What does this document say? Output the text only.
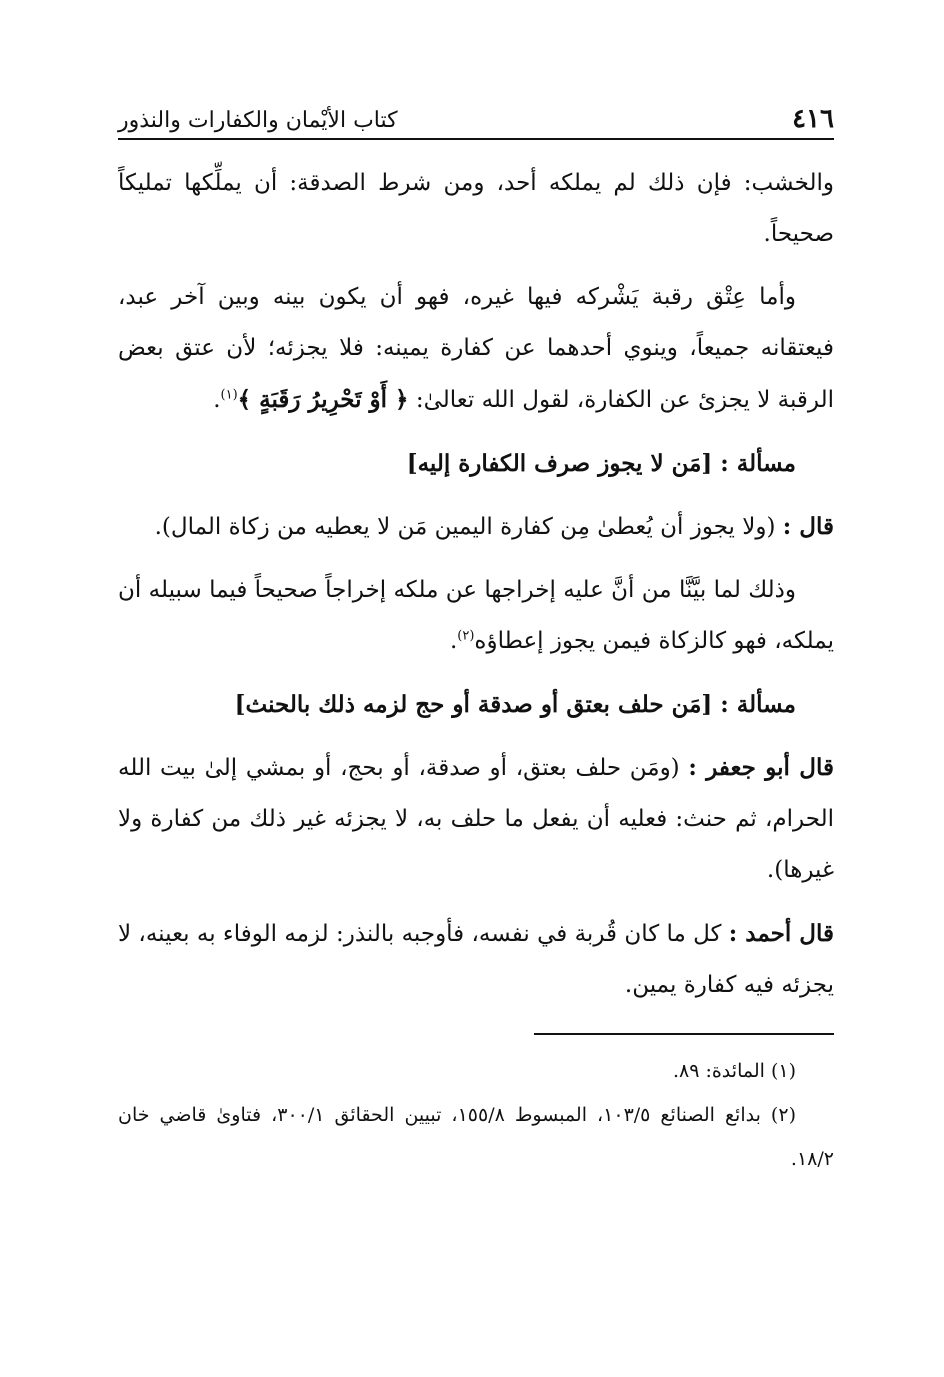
٤١٦
كتاب الأيْمان والكفارات والنذور

والخشب: فإن ذلك لم يملكه أحد، ومن شرط الصدقة: أن يملِّكها تمليكاً صحيحاً.

وأما عِتْق رقبة يَشْركه فيها غيره، فهو أن يكون بينه وبين آخر عبد، فيعتقانه جميعاً، وينوي أحدهما عن كفارة يمينه: فلا يجزئه؛ لأن عتق بعض الرقبة لا يجزئ عن الكفارة، لقول الله تعالىٰ: ﴿ أَوْ تَحْرِيرُ رَقَبَةٍ ﴾$^{(١)}$.

مسألة : [مَن لا يجوز صرف الكفارة إليه]

قال : (ولا يجوز أن يُعطىٰ مِن كفارة اليمين مَن لا يعطيه من زكاة المال).

وذلك لما بيَّنَّا من أنَّ عليه إخراجها عن ملكه إخراجاً صحيحاً فيما سبيله أن يملكه، فهو كالزكاة فيمن يجوز إعطاؤه$^{(٢)}$.

مسألة : [مَن حلف بعتق أو صدقة أو حج لزمه ذلك بالحنث]

قال أبو جعفر : (ومَن حلف بعتق، أو صدقة، أو بحج، أو بمشي إلىٰ بيت الله الحرام، ثم حنث: فعليه أن يفعل ما حلف به، لا يجزئه غير ذلك من كفارة ولا غيرها).

قال أحمد : كل ما كان قُربة في نفسه، فأوجبه بالنذر: لزمه الوفاء به بعينه، لا يجزئه فيه كفارة يمين.

(١) المائدة: ٨٩.

(٢) بدائع الصنائع ١٠٣/٥، المبسوط ١٥٥/٨، تبيين الحقائق ٣٠٠/١، فتاوىٰ قاضي خان ١٨/٢.
